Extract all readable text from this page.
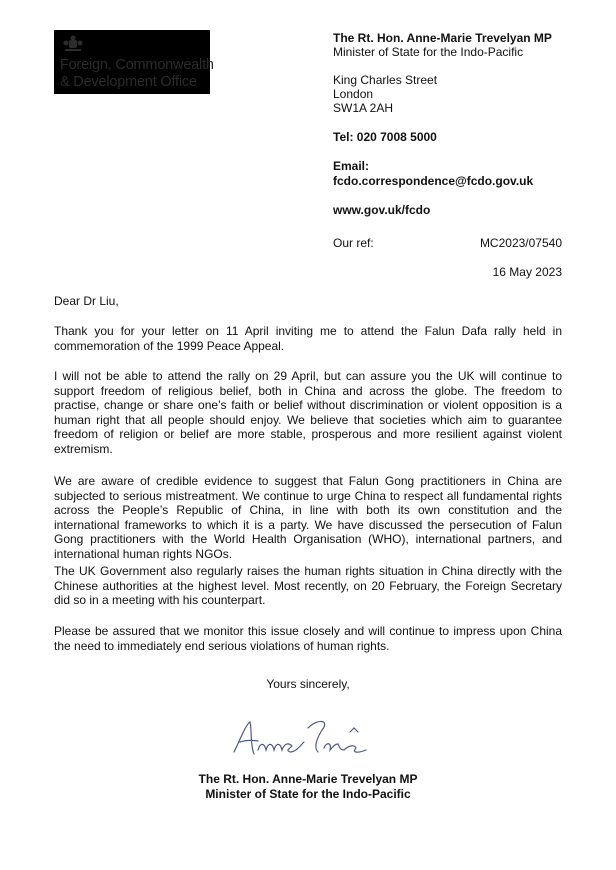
Foreign, Commonwealth
& Development Office
The Rt. Hon. Anne-Marie Trevelyan MP
Minister of State for the Indo-Pacific
King Charles Street
London
SW1A 2AH
Tel: 020 7008 5000
Email:
fcdo.correspondence@fcdo.gov.uk
www.gov.uk/fcdo
Our ref:	MC2023/07540
16 May 2023
Dear Dr Liu,
Thank you for your letter on 11 April inviting me to attend the Falun Dafa rally held in commemoration of the 1999 Peace Appeal.
I will not be able to attend the rally on 29 April, but can assure you the UK will continue to support freedom of religious belief, both in China and across the globe. The freedom to practise, change or share one’s faith or belief without discrimination or violent opposition is a human right that all people should enjoy. We believe that societies which aim to guarantee freedom of religion or belief are more stable, prosperous and more resilient against violent extremism.
We are aware of credible evidence to suggest that Falun Gong practitioners in China are subjected to serious mistreatment. We continue to urge China to respect all fundamental rights across the People’s Republic of China, in line with both its own constitution and the international frameworks to which it is a party. We have discussed the persecution of Falun Gong practitioners with the World Health Organisation (WHO), international partners, and international human rights NGOs.
The UK Government also regularly raises the human rights situation in China directly with the Chinese authorities at the highest level. Most recently, on 20 February, the Foreign Secretary did so in a meeting with his counterpart.
Please be assured that we monitor this issue closely and will continue to impress upon China the need to immediately end serious violations of human rights.
Yours sincerely,
The Rt. Hon. Anne-Marie Trevelyan MP
Minister of State for the Indo-Pacific
